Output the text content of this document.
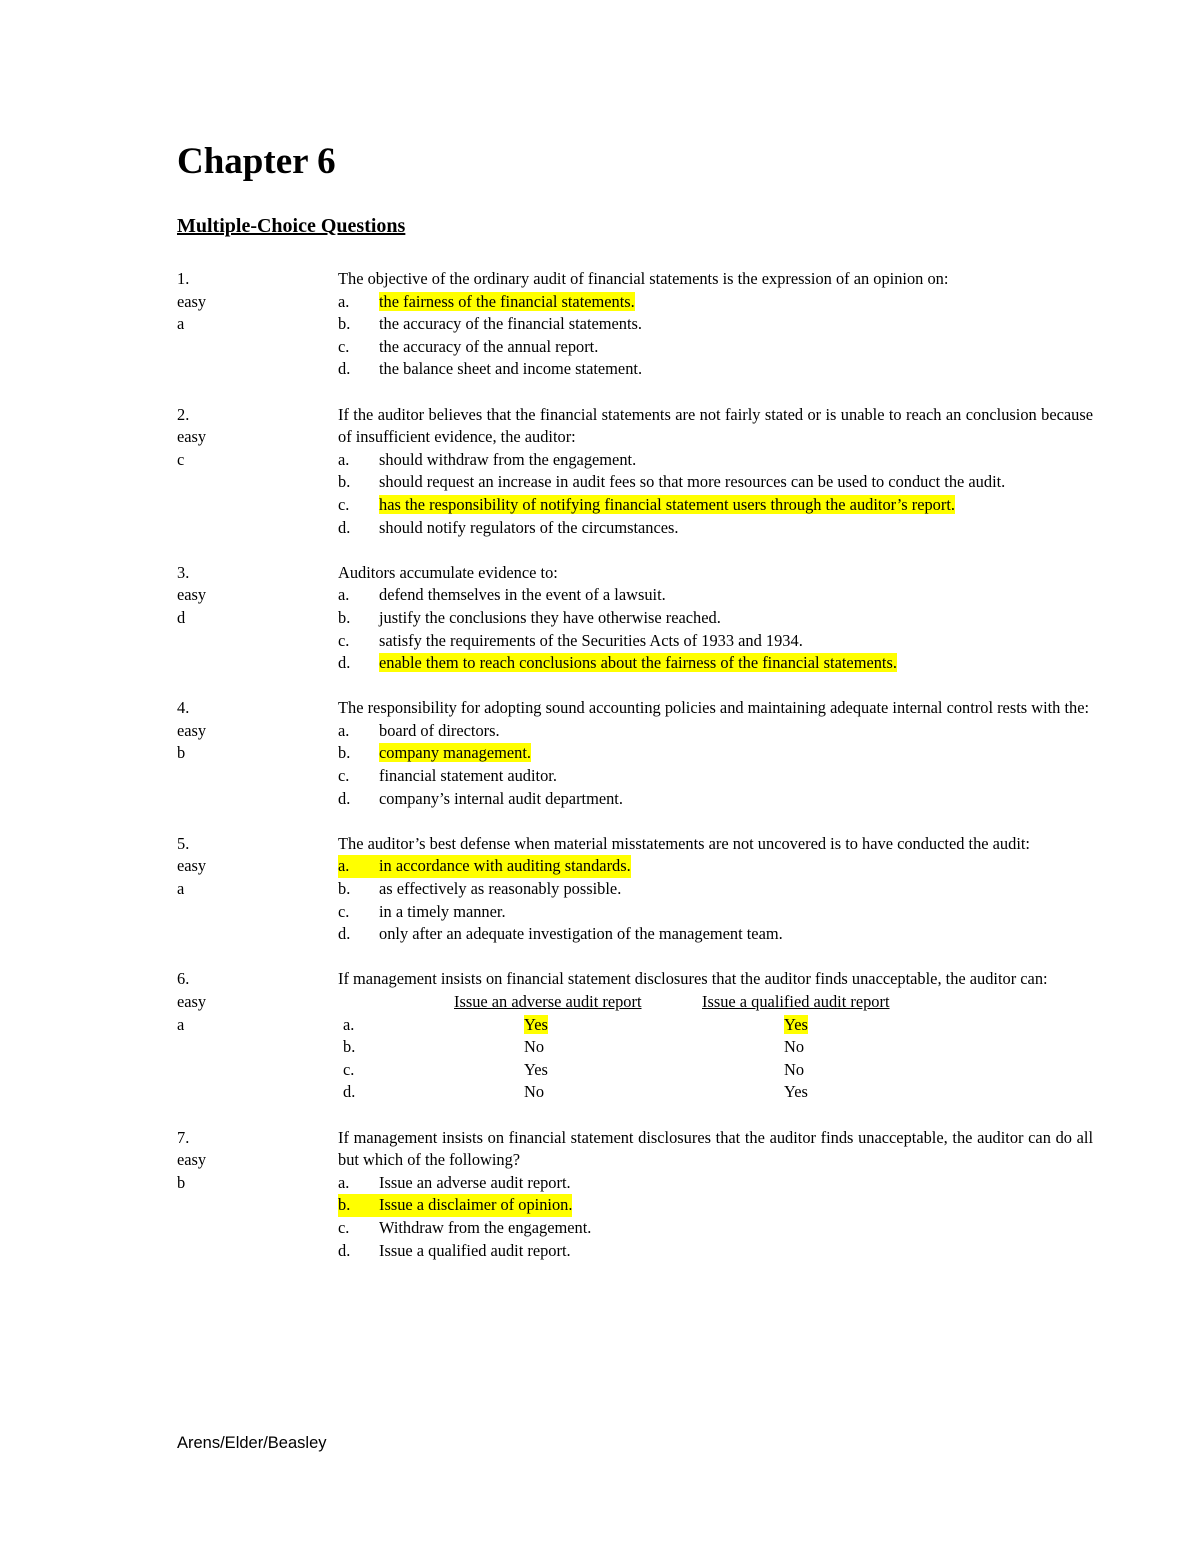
Chapter 6
Multiple-Choice Questions
1.
easy
a
The objective of the ordinary audit of financial statements is the expression of an opinion on:
a.	the fairness of the financial statements.
b.	the accuracy of the financial statements.
c.	the accuracy of the annual report.
d.	the balance sheet and income statement.
2.
easy
c
If the auditor believes that the financial statements are not fairly stated or is unable to reach an conclusion because of insufficient evidence, the auditor:
a.	should withdraw from the engagement.
b.	should request an increase in audit fees so that more resources can be used to conduct the audit.
c.	has the responsibility of notifying financial statement users through the auditor’s report.
d.	should notify regulators of the circumstances.
3.
easy
d
Auditors accumulate evidence to:
a.	defend themselves in the event of a lawsuit.
b.	justify the conclusions they have otherwise reached.
c.	satisfy the requirements of the Securities Acts of 1933 and 1934.
d.	enable them to reach conclusions about the fairness of the financial statements.
4.
easy
b
The responsibility for adopting sound accounting policies and maintaining adequate internal control rests with the:
a.	board of directors.
b.	company management.
c.	financial statement auditor.
d.	company’s internal audit department.
5.
easy
a
The auditor’s best defense when material misstatements are not uncovered is to have conducted the audit:
a.	in accordance with auditing standards.
b.	as effectively as reasonably possible.
c.	in a timely manner.
d.	only after an adequate investigation of the management team.
6.
easy
a
If management insists on financial statement disclosures that the auditor finds unacceptable, the auditor can:
Issue an adverse audit report	Issue a qualified audit report
a.	Yes	Yes
b.	No	No
c.	Yes	No
d.	No	Yes
7.
easy
b
If management insists on financial statement disclosures that the auditor finds unacceptable, the auditor can do all but which of the following?
a.	Issue an adverse audit report.
b.	Issue a disclaimer of opinion.
c.	Withdraw from the engagement.
d.	Issue a qualified audit report.
Arens/Elder/Beasley
